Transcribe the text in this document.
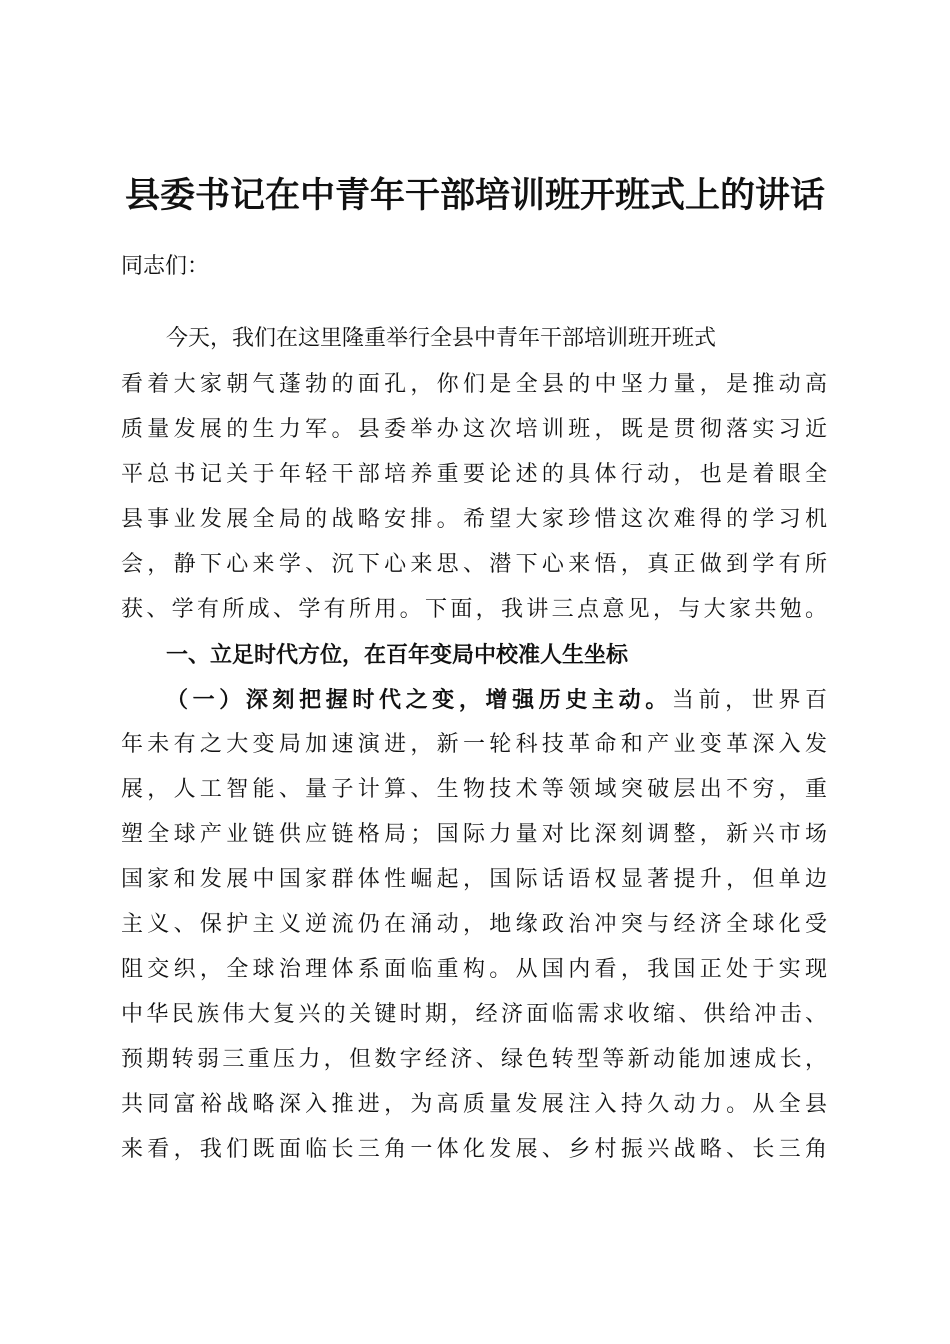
县委书记在中青年干部培训班开班式上的讲话
同志们：
今天，我们在这里隆重举行全县中青年干部培训班开班式
看着大家朝气蓬勃的面孔，你们是全县的中坚力量，是推动高
质量发展的生力军。县委举办这次培训班，既是贯彻落实习近
平总书记关于年轻干部培养重要论述的具体行动，也是着眼全
县事业发展全局的战略安排。希望大家珍惜这次难得的学习机
会，静下心来学、沉下心来思、潜下心来悟，真正做到学有所
获、学有所成、学有所用。下面，我讲三点意见，与大家共勉。
一、立足时代方位，在百年变局中校准人生坐标
（一）深刻把握时代之变，增强历史主动。当前，世界百
年未有之大变局加速演进，新一轮科技革命和产业变革深入发
展，人工智能、量子计算、生物技术等领域突破层出不穷，重
塑全球产业链供应链格局；国际力量对比深刻调整，新兴市场
国家和发展中国家群体性崛起，国际话语权显著提升，但单边
主义、保护主义逆流仍在涌动，地缘政治冲突与经济全球化受
阻交织，全球治理体系面临重构。从国内看，我国正处于实现
中华民族伟大复兴的关键时期，经济面临需求收缩、供给冲击、
预期转弱三重压力，但数字经济、绿色转型等新动能加速成长，
共同富裕战略深入推进，为高质量发展注入持久动力。从全县
来看，我们既面临长三角一体化发展、乡村振兴战略、长三角
